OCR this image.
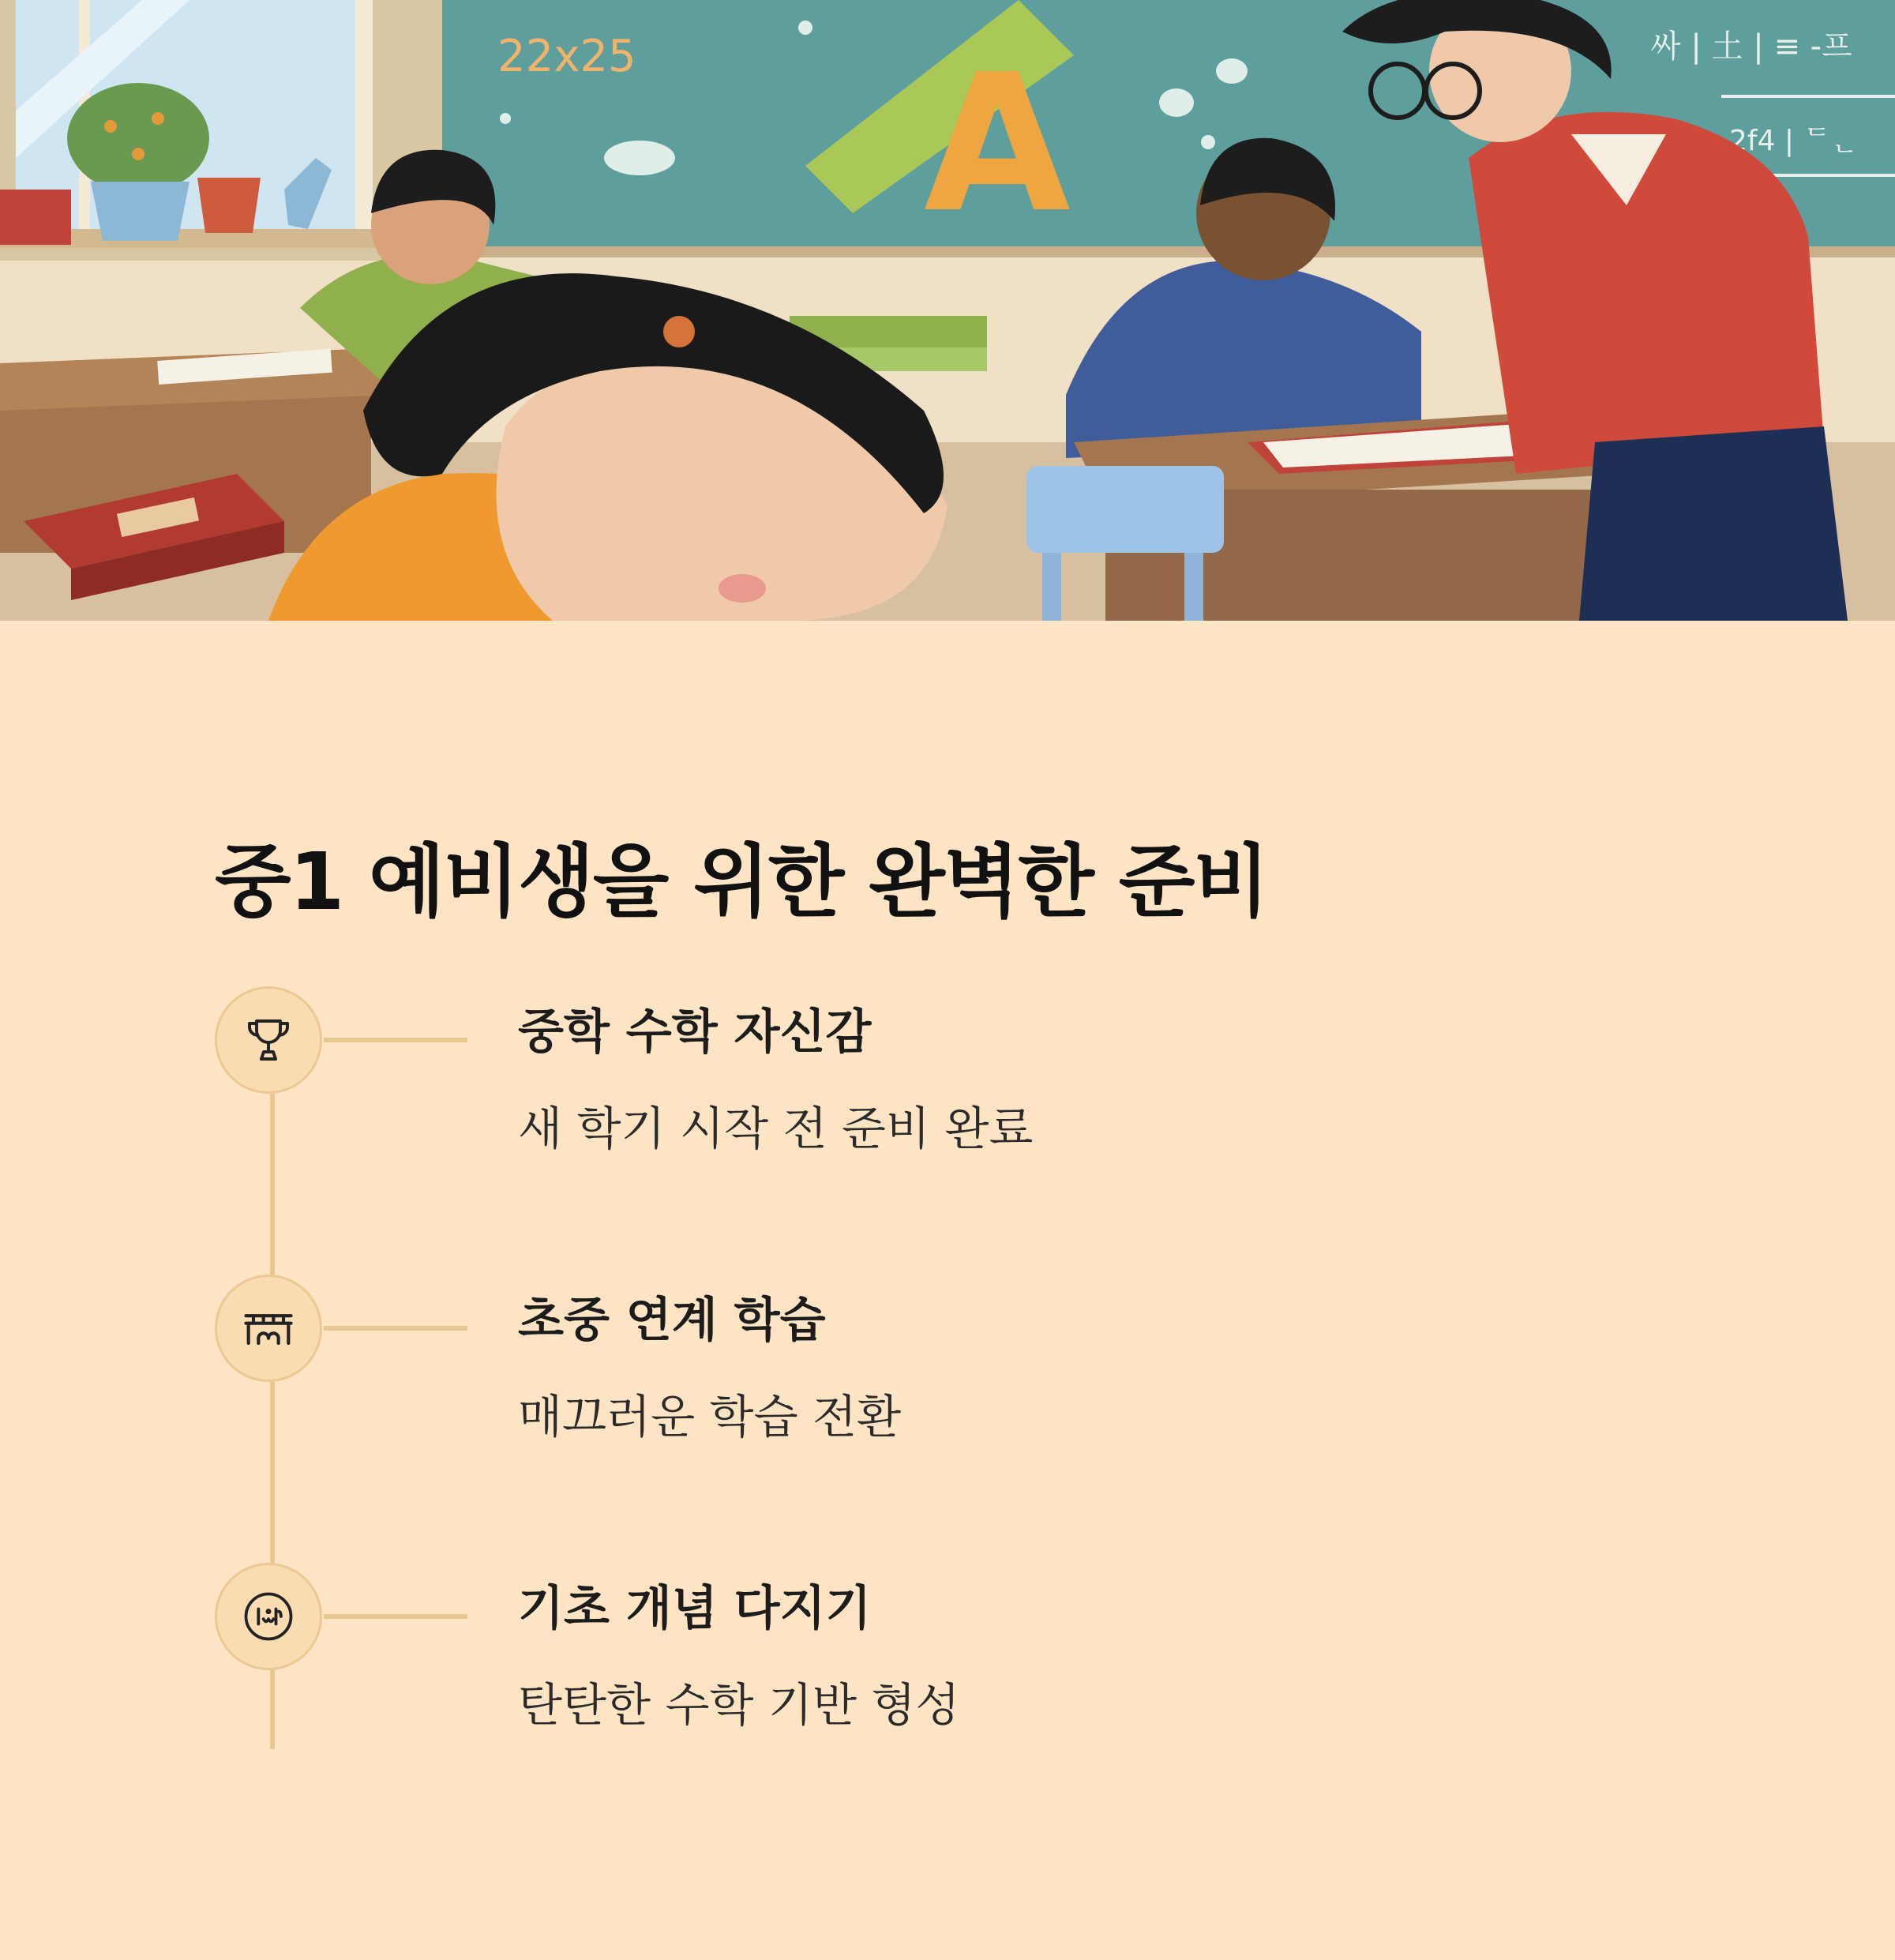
22x25	싸 | 土 | ≡ -프
2f4 | ᄃᆫ
A
중1 예비생을 위한 완벽한 준비
중학 수학 자신감

새 학기 시작 전 준비 완료

초중 연계 학습

매끄러운 학습 전환

기초 개념 다지기

탄탄한 수학 기반 형성
